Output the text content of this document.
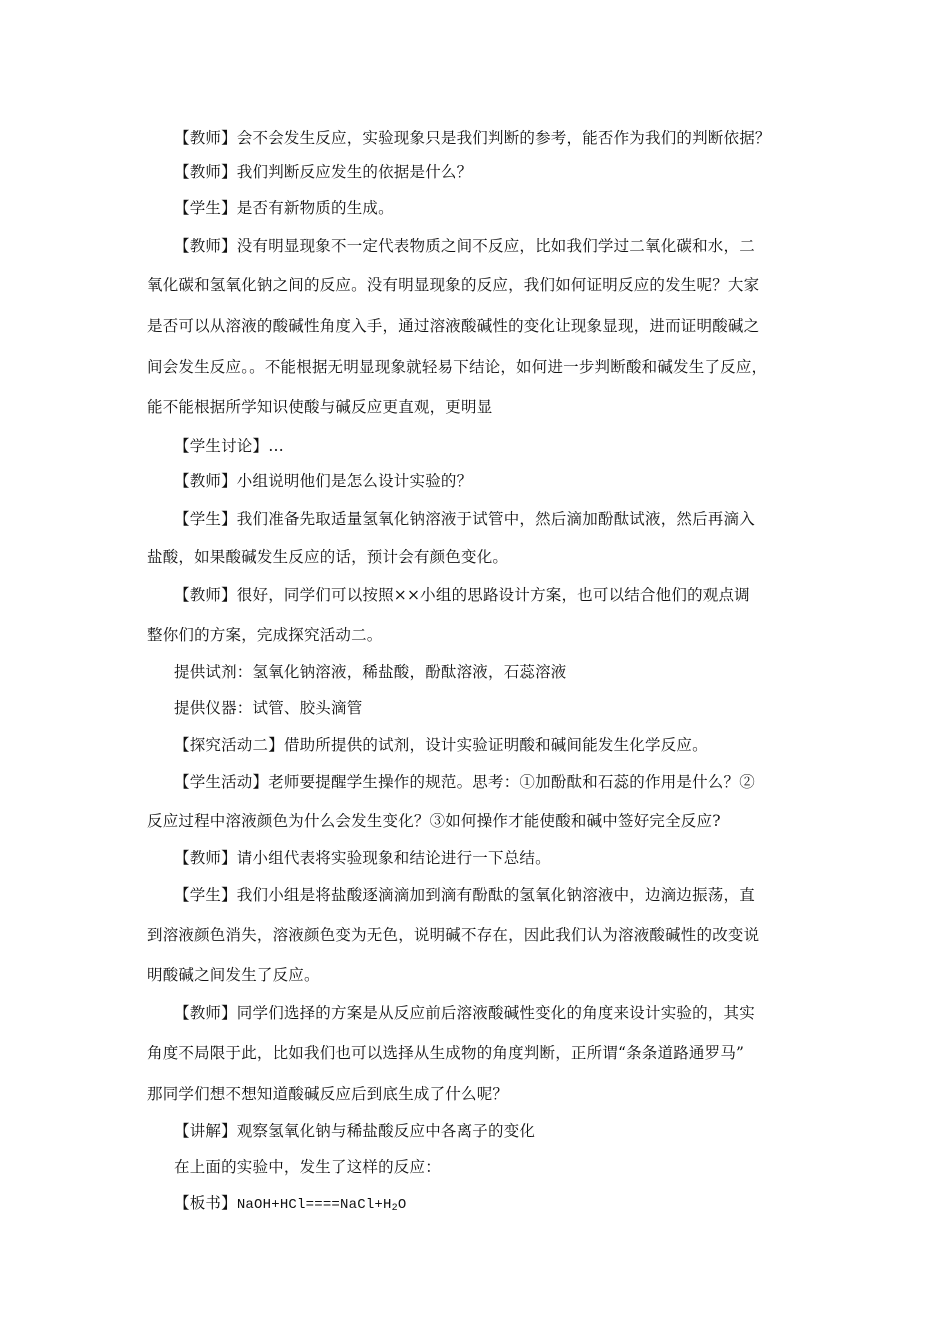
【教师】会不会发生反应，实验现象只是我们判断的参考，能否作为我们的判断依据？
【教师】我们判断反应发生的依据是什么？
【学生】是否有新物质的生成。
【教师】没有明显现象不一定代表物质之间不反应，比如我们学过二氧化碳和水，二
氧化碳和氢氧化钠之间的反应。没有明显现象的反应，我们如何证明反应的发生呢？大家
是否可以从溶液的酸碱性角度入手，通过溶液酸碱性的变化让现象显现，进而证明酸碱之
间会发生反应。。不能根据无明显现象就轻易下结论，如何进一步判断酸和碱发生了反应，
能不能根据所学知识使酸与碱反应更直观，更明显
【学生讨论】…
【教师】小组说明他们是怎么设计实验的？
【学生】我们准备先取适量氢氧化钠溶液于试管中，然后滴加酚酞试液，然后再滴入
盐酸，如果酸碱发生反应的话，预计会有颜色变化。
【教师】很好，同学们可以按照××小组的思路设计方案，也可以结合他们的观点调
整你们的方案，完成探究活动二。
提供试剂：氢氧化钠溶液，稀盐酸，酚酞溶液，石蕊溶液
提供仪器：试管、胶头滴管
【探究活动二】借助所提供的试剂，设计实验证明酸和碱间能发生化学反应。
【学生活动】老师要提醒学生操作的规范。思考：①加酚酞和石蕊的作用是什么？②
反应过程中溶液颜色为什么会发生变化？③如何操作才能使酸和碱中签好完全反应?
【教师】请小组代表将实验现象和结论进行一下总结。
【学生】我们小组是将盐酸逐滴滴加到滴有酚酞的氢氧化钠溶液中，边滴边振荡，直
到溶液颜色消失，溶液颜色变为无色，说明碱不存在，因此我们认为溶液酸碱性的改变说
明酸碱之间发生了反应。
【教师】同学们选择的方案是从反应前后溶液酸碱性变化的角度来设计实验的，其实
角度不局限于此，比如我们也可以选择从生成物的角度判断，正所谓“条条道路通罗马”
那同学们想不想知道酸碱反应后到底生成了什么呢？
【讲解】观察氢氧化钠与稀盐酸反应中各离子的变化
在上面的实验中，发生了这样的反应：
【板书】$NaOH+HCl====NaCl+H_2O$
